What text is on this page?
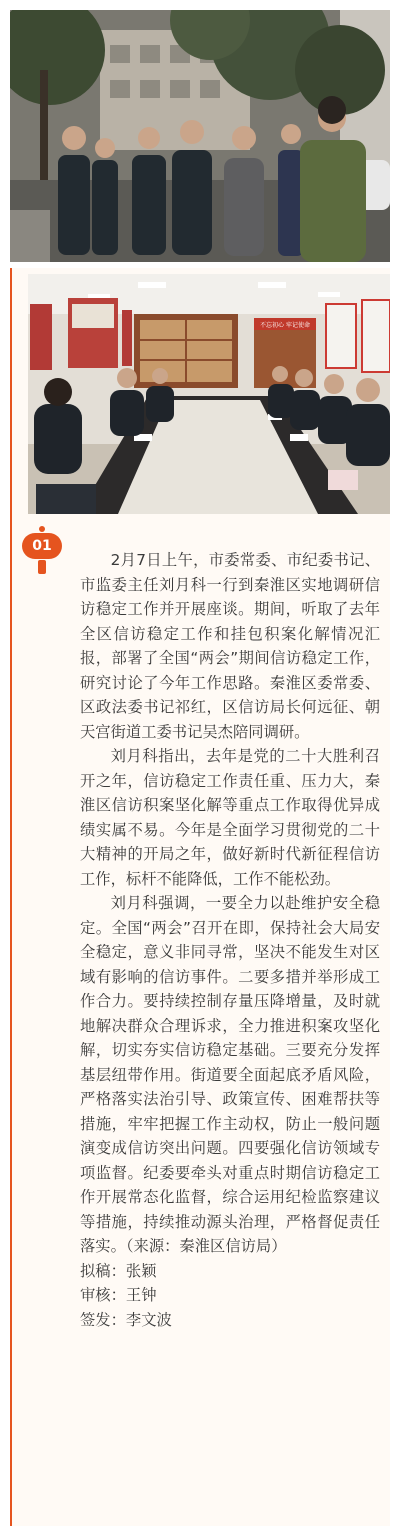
不忘初心 牢记使命
01

2月7日上午，市委常委、市纪委书记、市监委主任刘月科一行到秦淮区实地调研信访稳定工作并开展座谈。期间，听取了去年全区信访稳定工作和挂包积案化解情况汇报，部署了全国“两会”期间信访稳定工作，研究讨论了今年工作思路。秦淮区委常委、区政法委书记祁红，区信访局长何远征、朝天宫街道工委书记吴杰陪同调研。

刘月科指出，去年是党的二十大胜利召开之年，信访稳定工作责任重、压力大，秦淮区信访积案坚化解等重点工作取得优异成绩实属不易。今年是全面学习贯彻党的二十大精神的开局之年，做好新时代新征程信访工作，标杆不能降低，工作不能松劲。

刘月科强调，一要全力以赴维护安全稳定。全国“两会”召开在即，保持社会大局安全稳定，意义非同寻常，坚决不能发生对区域有影响的信访事件。二要多措并举形成工作合力。要持续控制存量压降增量，及时就地解决群众合理诉求，全力推进积案攻坚化解，切实夯实信访稳定基础。三要充分发挥基层纽带作用。街道要全面起底矛盾风险，严格落实法治引导、政策宣传、困难帮扶等措施，牢牢把握工作主动权，防止一般问题演变成信访突出问题。四要强化信访领域专项监督。纪委要牵头对重点时期信访稳定工作开展常态化监督，综合运用纪检监察建议等措施，持续推动源头治理，严格督促责任落实。（来源：秦淮区信访局）

拟稿：张颖

审核：王钟

签发：李文波
